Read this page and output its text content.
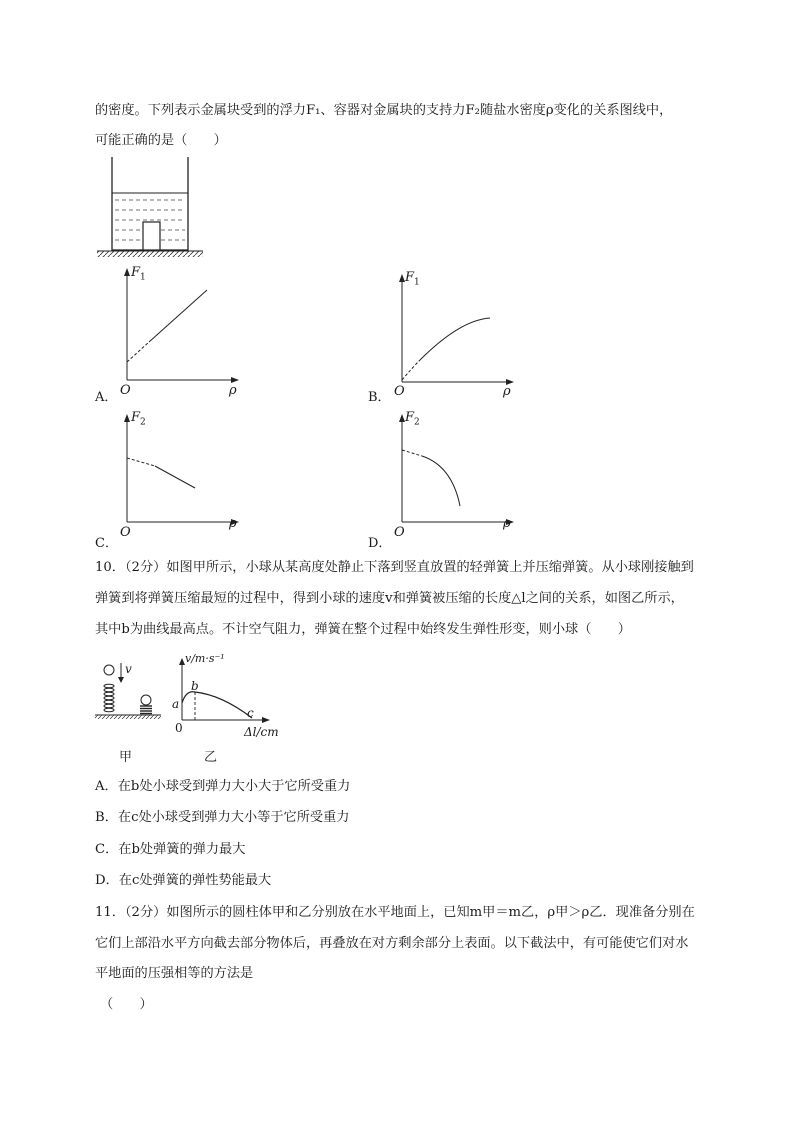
的密度。下列表示金属块受到的浮力F₁、容器对金属块的支持力F₂随盐水密度ρ变化的关系图线中，
可能正确的是（　　）
$F_1$
O	ρ
A．
$F_1$
O	ρ
B．
$F_2$
O
ρ
C．
$F_2$
O
ρ
D．
10．（2分）如图甲所示，小球从某高度处静止下落到竖直放置的轻弹簧上并压缩弹簧。从小球刚接触到
弹簧到将弹簧压缩最短的过程中，得到小球的速度v和弹簧被压缩的长度△l之间的关系，如图乙所示，
其中b为曲线最高点。不计空气阻力，弹簧在整个过程中始终发生弹性形变，则小球（　　）
v
甲
v/m·s⁻¹
b
a
c
0	Δl/cm
乙
A．在b处小球受到弹力大小大于它所受重力
B．在c处小球受到弹力大小等于它所受重力
C．在b处弹簧的弹力最大
D．在c处弹簧的弹性势能最大
11．（2分）如图所示的圆柱体甲和乙分别放在水平地面上，已知m甲＝m乙，ρ甲＞ρ乙．现准备分别在
它们上部沿水平方向截去部分物体后，再叠放在对方剩余部分上表面。以下截法中，有可能使它们对水
平地面的压强相等的方法是
（　　）
